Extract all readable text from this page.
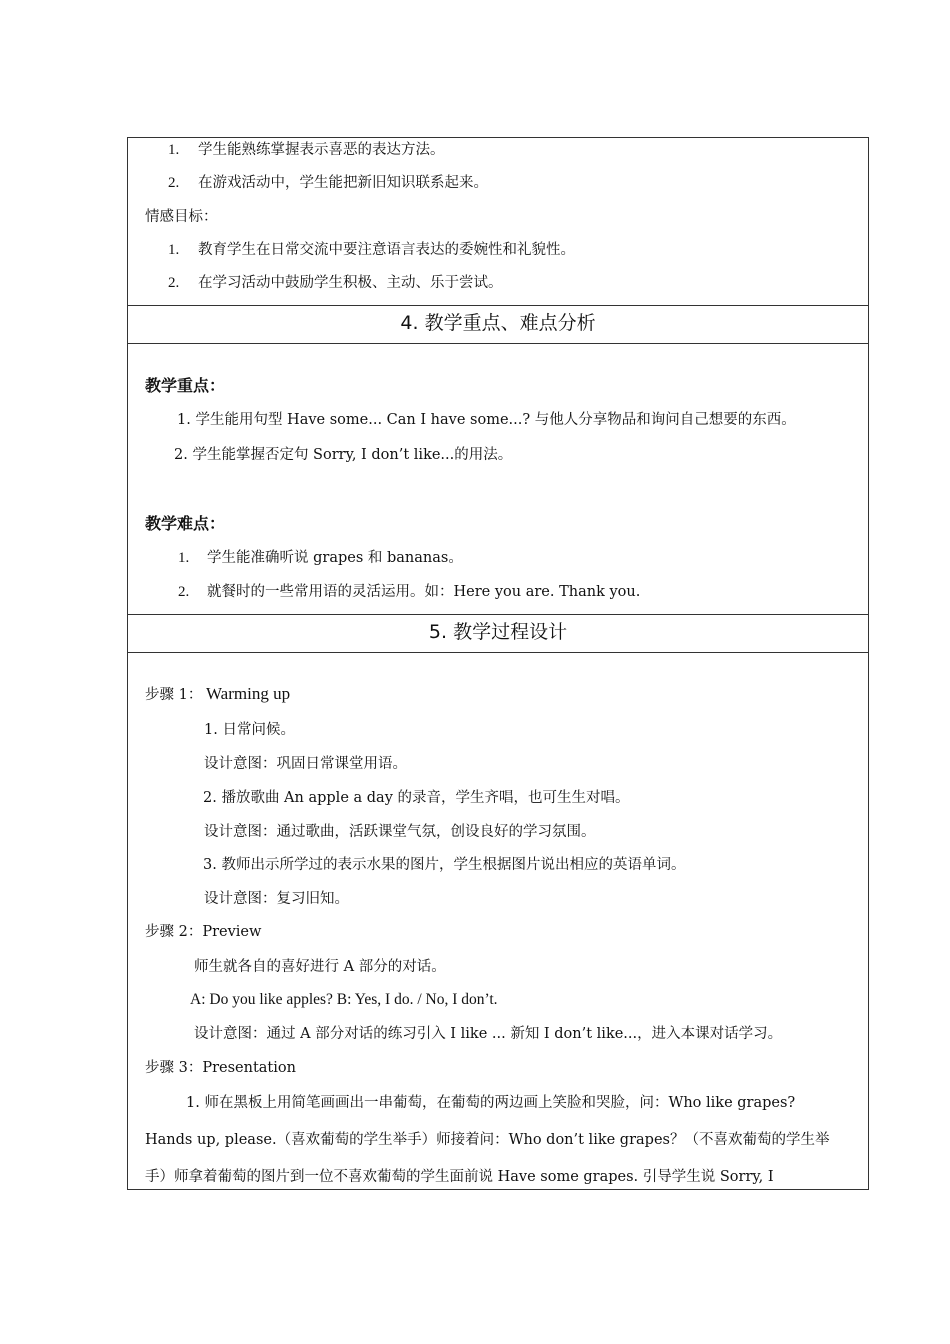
1. 学生能熟练掌握表示喜恶的表达方法。
2. 在游戏活动中，学生能把新旧知识联系起来。
情感目标：
1. 教育学生在日常交流中要注意语言表达的委婉性和礼貌性。
2. 在学习活动中鼓励学生积极、主动、乐于尝试。
4. 教学重点、难点分析
教学重点：
1. 学生能用句型 Have some... Can I have some...? 与他人分享物品和询问自己想要的东西。
2. 学生能掌握否定句 Sorry, I don’t like...的用法。
教学难点：
1. 学生能准确听说 grapes 和 bananas。
2. 就餐时的一些常用语的灵活运用。如：Here you are. Thank you.
5. 教学过程设计
步骤 1： Warming up
1. 日常问候。
设计意图：巩固日常课堂用语。
2. 播放歌曲 An apple a day 的录音，学生齐唱，也可生生对唱。
设计意图：通过歌曲，活跃课堂气氛，创设良好的学习氛围。
3. 教师出示所学过的表示水果的图片，学生根据图片说出相应的英语单词。
设计意图：复习旧知。
步骤 2：Preview
师生就各自的喜好进行 A 部分的对话。
A: Do you like apples? B: Yes, I do. / No, I don’t.
设计意图：通过 A 部分对话的练习引入 I like ... 新知 I don’t like...，进入本课对话学习。
步骤 3：Presentation
1. 师在黑板上用简笔画画出一串葡萄，在葡萄的两边画上笑脸和哭脸，问：Who like grapes?
Hands up, please.（喜欢葡萄的学生举手）师接着问：Who don’t like grapes？（不喜欢葡萄的学生举
手）师拿着葡萄的图片到一位不喜欢葡萄的学生面前说 Have some grapes. 引导学生说 Sorry, I
